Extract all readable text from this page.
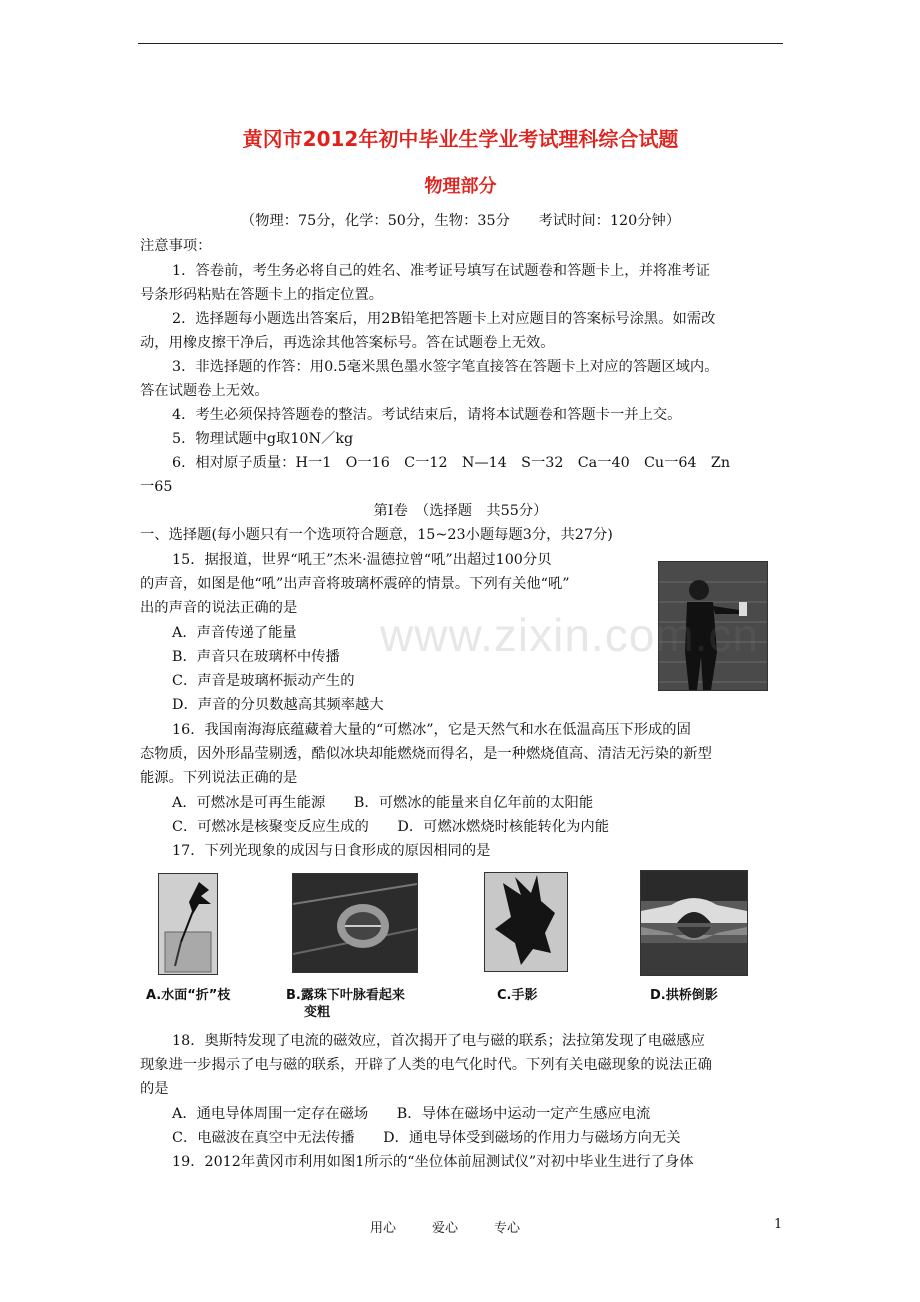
黄冈市2012年初中毕业生学业考试理科综合试题
物理部分
（物理：75分，化学：50分，生物：35分　　考试时间：120分钟）
注意事项：
1．答卷前，考生务必将自己的姓名、准考证号填写在试题卷和答题卡上，并将准考证
号条形码粘贴在答题卡上的指定位置。
2．选择题每小题选出答案后，用2B铅笔把答题卡上对应题目的答案标号涂黑。如需改
动，用橡皮擦干净后，再选涂其他答案标号。答在试题卷上无效。
3．非选择题的作答：用0.5毫米黑色墨水签字笔直接答在答题卡上对应的答题区域内。
答在试题卷上无效。
4．考生必须保持答题卷的整洁。考试结束后，请将本试题卷和答题卡一并上交。
5．物理试题中g取10N／kg
6．相对原子质量：H一1　O一16　C一12　N—14　S一32　Ca一40　Cu一64　Zn
一65
第Ⅰ卷　（选择题　共55分）
一、选择题(每小题只有一个选项符合题意，15~23小题每题3分，共27分)
15．据报道，世界“吼王”杰米·温德拉曾“吼”出超过100分贝
的声音，如图是他“吼”出声音将玻璃杯震碎的情景。下列有关他“吼”
出的声音的说法正确的是
A．声音传递了能量
B．声音只在玻璃杯中传播
C．声音是玻璃杯振动产生的
D．声音的分贝数越高其频率越大
16．我国南海海底蕴藏着大量的“可燃冰”，它是天然气和水在低温高压下形成的固
态物质，因外形晶莹剔透，酷似冰块却能燃烧而得名，是一种燃烧值高、清洁无污染的新型
能源。下列说法正确的是
A．可燃冰是可再生能源　　B．可燃冰的能量来自亿年前的太阳能
C．可燃冰是核聚变反应生成的　　D．可燃冰燃烧时核能转化为内能
17．下列光现象的成因与日食形成的原因相同的是
A.水面“折”枝	B.露珠下叶脉看起来
变粗
C.手影	D.拱桥倒影
18．奥斯特发现了电流的磁效应，首次揭开了电与磁的联系；法拉第发现了电磁感应
现象进一步揭示了电与磁的联系，开辟了人类的电气化时代。下列有关电磁现象的说法正确
的是
A．通电导体周围一定存在磁场　　B．导体在磁场中运动一定产生感应电流
C．电磁波在真空中无法传播　　D．通电导体受到磁场的作用力与磁场方向无关
19．2012年黄冈市利用如图1所示的“坐位体前屈测试仪”对初中毕业生进行了身体
www.zixin.com.cn
用心	爱心	专心	1
